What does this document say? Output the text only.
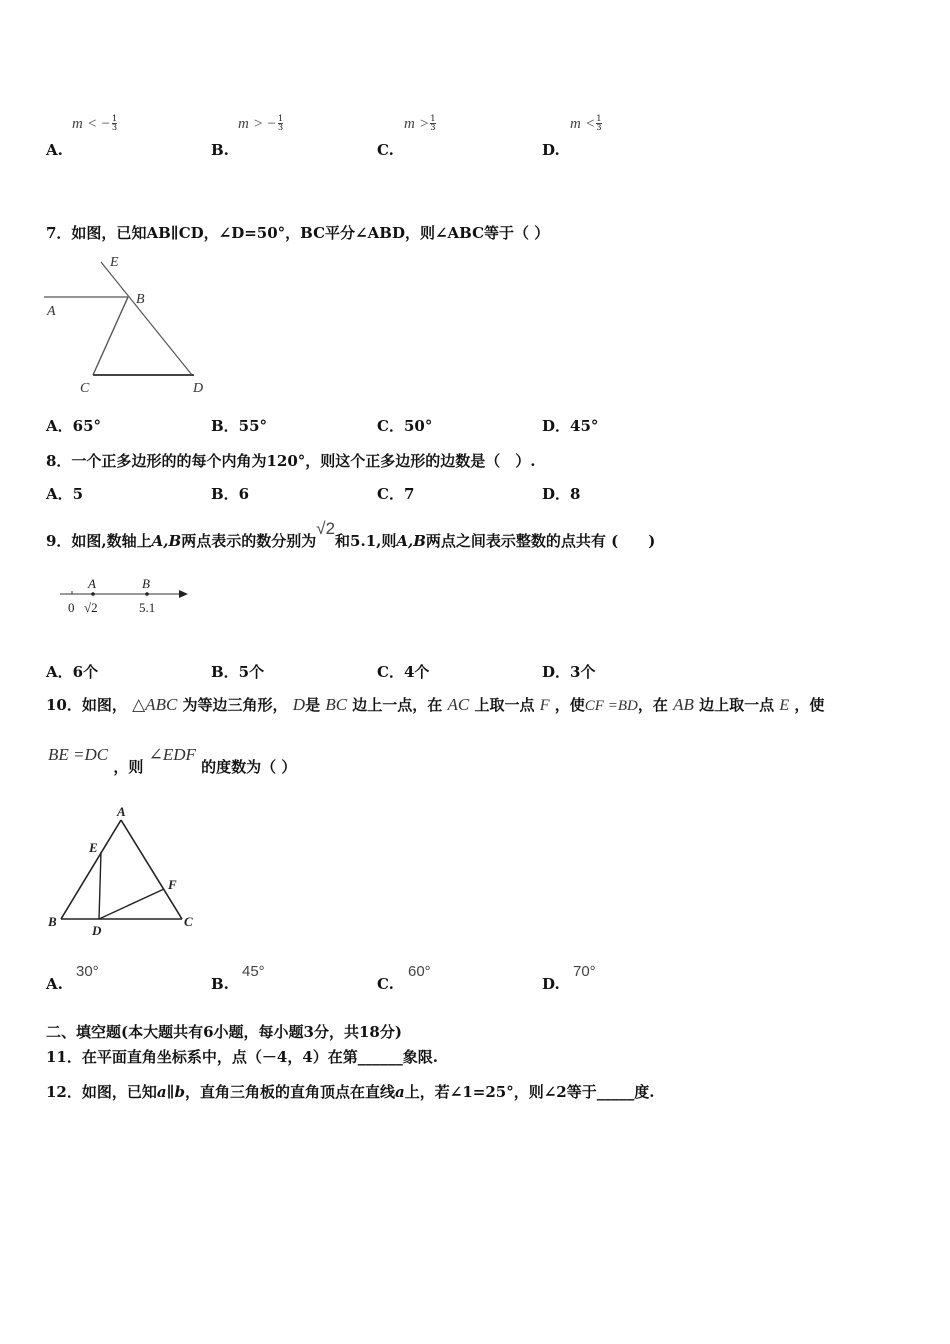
m < − $\frac{1}{3}$
A.
m > − $\frac{1}{3}$
B.
$m > \frac{1}{3}$
C.
$m < \frac{1}{3}$
D.
7．如图，已知AB∥CD，∠D=50°，BC平分∠ABD，则∠ABC等于（ ）
E
A
B
C	D
A．65°	B．55°	C．50°	D．45°
8．一个正多边形的的每个内角为120°，则这个正多边形的边数是（　）.
A．5	B．6	C．7	D．8
9．如图,数轴上A,B两点表示的数分别为√2和5.1,则A,B两点之间表示整数的点共有 (　　)
A	B
0 √2	5.1
A．6个	B．5个	C．4个	D．3个
10．如图， △ABC 为等边三角形， D是 BC 边上一点，在 AC 上取一点 F ，使CF =BD，在 AB 边上取一点 E ，使
BE =DC ，则 ∠EDF 的度数为（ ）
A
E
F
B
D
C
A.
30°
B.
45°
C.
60°
D.
70°
二、填空题(本大题共有6小题，每小题3分，共18分)
11．在平面直角坐标系中，点（－4，4）在第______象限.
12．如图，已知a∥b，直角三角板的直角顶点在直线a上，若∠1=25°，则∠2等于_____度.
